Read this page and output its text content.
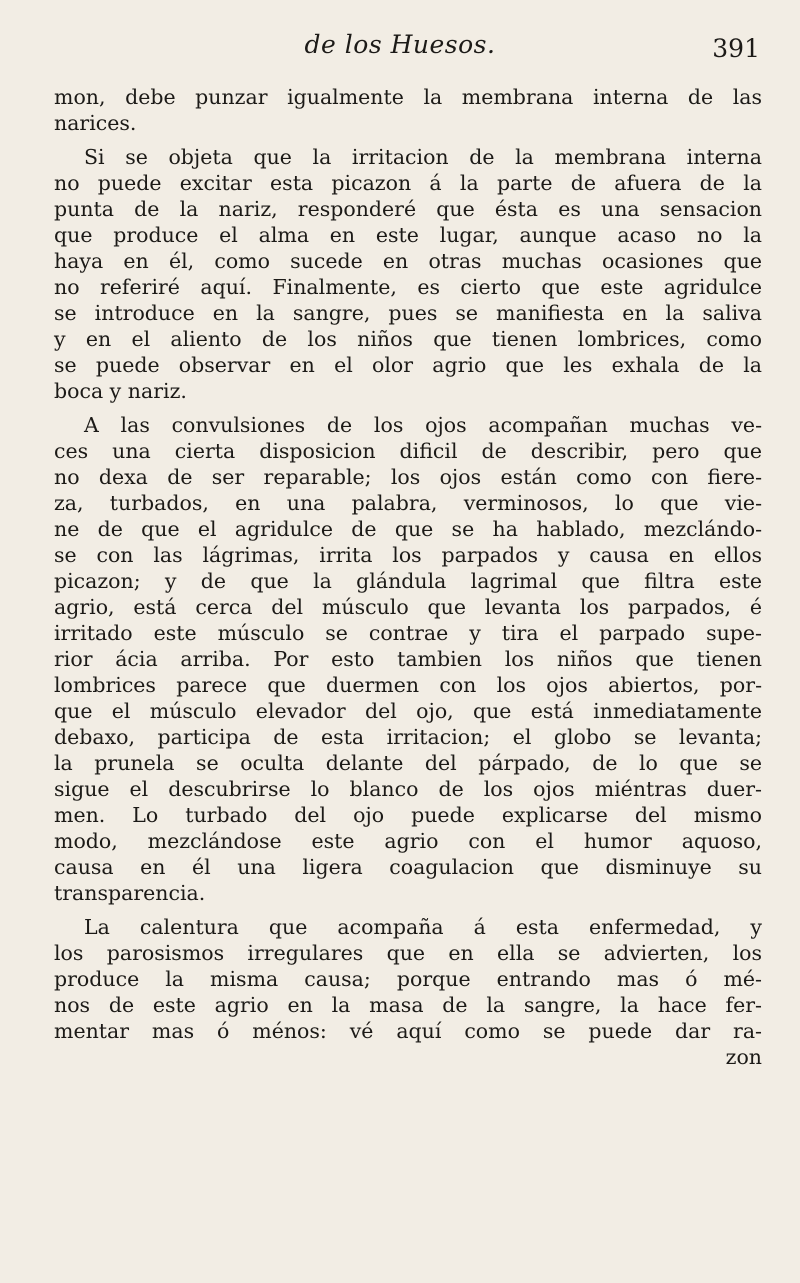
de los Huesos.	391
mon, debe punzar igualmente la membrana interna de las
narices.
Si se objeta que la irritacion de la membrana interna
no puede excitar esta picazon á la parte de afuera de la
punta de la nariz, responderé que ésta es una sensacion
que produce el alma en este lugar, aunque acaso no la
haya en él, como sucede en otras muchas ocasiones que
no referiré aquí. Finalmente, es cierto que este agridulce
se introduce en la sangre, pues se manifiesta en la saliva
y en el aliento de los niños que tienen lombrices, como
se puede observar en el olor agrio que les exhala de la
boca y nariz.
A las convulsiones de los ojos acompañan muchas ve-
ces una cierta disposicion dificil de describir, pero que
no dexa de ser reparable; los ojos están como con fiere-
za, turbados, en una palabra, verminosos, lo que vie-
ne de que el agridulce de que se ha hablado, mezclándo-
se con las lágrimas, irrita los parpados y causa en ellos
picazon; y de que la glándula lagrimal que filtra este
agrio, está cerca del músculo que levanta los parpados, é
irritado este músculo se contrae y tira el parpado supe-
rior ácia arriba. Por esto tambien los niños que tienen
lombrices parece que duermen con los ojos abiertos, por-
que el músculo elevador del ojo, que está inmediatamente
debaxo, participa de esta irritacion; el globo se levanta;
la prunela se oculta delante del párpado, de lo que se
sigue el descubrirse lo blanco de los ojos miéntras duer-
men. Lo turbado del ojo puede explicarse del mismo
modo, mezclándose este agrio con el humor aquoso,
causa en él una ligera coagulacion que disminuye su
transparencia.
La calentura que acompaña á esta enfermedad, y
los parosismos irregulares que en ella se advierten, los
produce la misma causa; porque entrando mas ó mé-
nos de este agrio en la masa de la sangre, la hace fer-
mentar mas ó ménos: vé aquí como se puede dar ra-
zon
